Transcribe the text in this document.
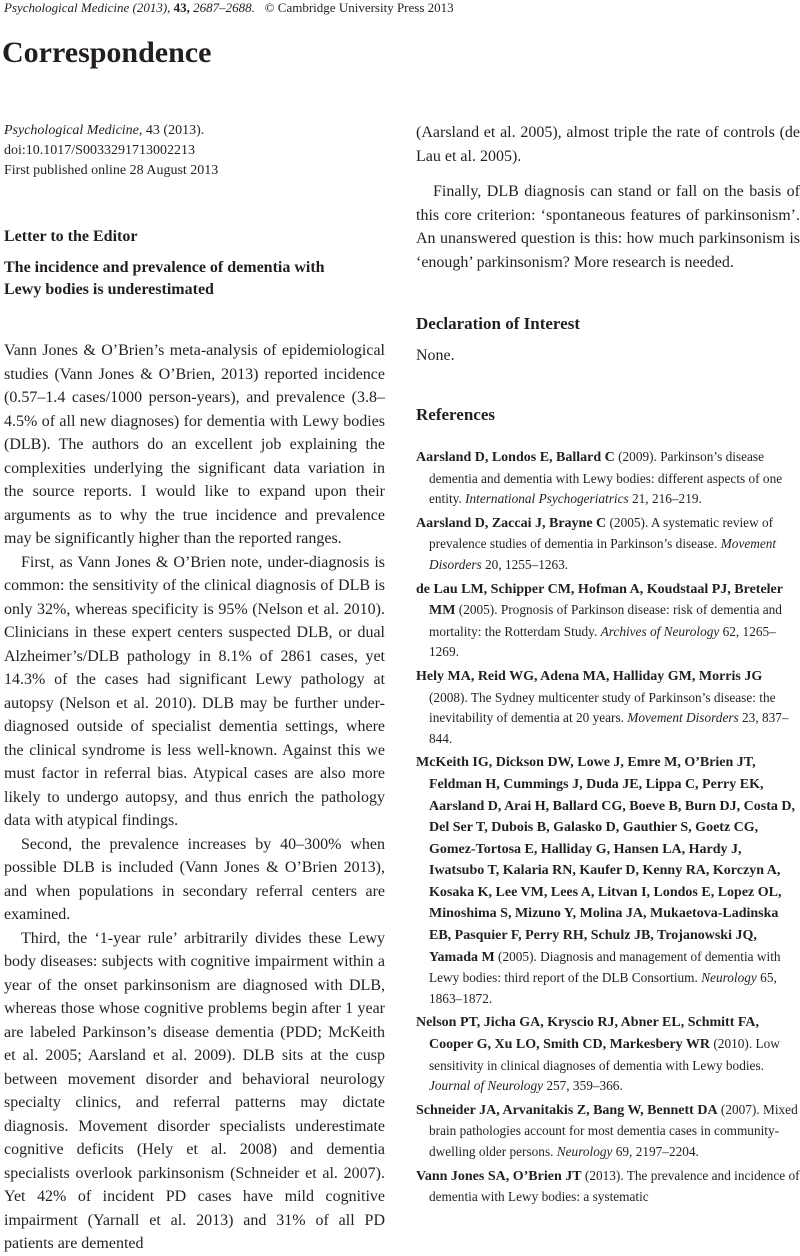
Psychological Medicine (2013), 43, 2687–2688. © Cambridge University Press 2013
Correspondence
Psychological Medicine, 43 (2013).
doi:10.1017/S0033291713002213
First published online 28 August 2013
Letter to the Editor
The incidence and prevalence of dementia with
Lewy bodies is underestimated

Vann Jones & O’Brien’s meta-analysis of epidemiological studies (Vann Jones & O’Brien, 2013) reported incidence (0.57–1.4 cases/1000 person-years), and prevalence (3.8–4.5% of all new diagnoses) for dementia with Lewy bodies (DLB). The authors do an excellent job explaining the complexities underlying the significant data variation in the source reports. I would like to expand upon their arguments as to why the true incidence and prevalence may be significantly higher than the reported ranges.

First, as Vann Jones & O’Brien note, under-diagnosis is common: the sensitivity of the clinical diagnosis of DLB is only 32%, whereas specificity is 95% (Nelson et al. 2010). Clinicians in these expert centers suspected DLB, or dual Alzheimer’s/DLB pathology in 8.1% of 2861 cases, yet 14.3% of the cases had significant Lewy pathology at autopsy (Nelson et al. 2010). DLB may be further under-diagnosed outside of specialist dementia settings, where the clinical syndrome is less well-known. Against this we must factor in referral bias. Atypical cases are also more likely to undergo autopsy, and thus enrich the pathology data with atypical findings.

Second, the prevalence increases by 40–300% when possible DLB is included (Vann Jones & O’Brien 2013), and when populations in secondary referral centers are examined.

Third, the ‘1-year rule’ arbitrarily divides these Lewy body diseases: subjects with cognitive impairment within a year of the onset parkinsonism are diagnosed with DLB, whereas those whose cognitive problems begin after 1 year are labeled Parkinson’s disease dementia (PDD; McKeith et al. 2005; Aarsland et al. 2009). DLB sits at the cusp between movement disorder and behavioral neurology specialty clinics, and referral patterns may dictate diagnosis. Movement disorder specialists underestimate cognitive deficits (Hely et al. 2008) and dementia specialists overlook parkinsonism (Schneider et al. 2007). Yet 42% of incident PD cases have mild cognitive impairment (Yarnall et al. 2013) and 31% of all PD patients are demented

(Aarsland et al. 2005), almost triple the rate of controls (de Lau et al. 2005).

Finally, DLB diagnosis can stand or fall on the basis of this core criterion: ‘spontaneous features of parkinsonism’. An unanswered question is this: how much parkinsonism is ‘enough’ parkinsonism? More research is needed.

Declaration of Interest
None.
References
Aarsland D, Londos E, Ballard C (2009). Parkinson’s disease dementia and dementia with Lewy bodies: different aspects of one entity. International Psychogeriatrics 21, 216–219.
Aarsland D, Zaccai J, Brayne C (2005). A systematic review of prevalence studies of dementia in Parkinson’s disease. Movement Disorders 20, 1255–1263.
de Lau LM, Schipper CM, Hofman A, Koudstaal PJ, Breteler MM (2005). Prognosis of Parkinson disease: risk of dementia and mortality: the Rotterdam Study. Archives of Neurology 62, 1265–1269.
Hely MA, Reid WG, Adena MA, Halliday GM, Morris JG (2008). The Sydney multicenter study of Parkinson’s disease: the inevitability of dementia at 20 years. Movement Disorders 23, 837–844.
McKeith IG, Dickson DW, Lowe J, Emre M, O’Brien JT, Feldman H, Cummings J, Duda JE, Lippa C, Perry EK, Aarsland D, Arai H, Ballard CG, Boeve B, Burn DJ, Costa D, Del Ser T, Dubois B, Galasko D, Gauthier S, Goetz CG, Gomez-Tortosa E, Halliday G, Hansen LA, Hardy J, Iwatsubo T, Kalaria RN, Kaufer D, Kenny RA, Korczyn A, Kosaka K, Lee VM, Lees A, Litvan I, Londos E, Lopez OL, Minoshima S, Mizuno Y, Molina JA, Mukaetova-Ladinska EB, Pasquier F, Perry RH, Schulz JB, Trojanowski JQ, Yamada M (2005). Diagnosis and management of dementia with Lewy bodies: third report of the DLB Consortium. Neurology 65, 1863–1872.
Nelson PT, Jicha GA, Kryscio RJ, Abner EL, Schmitt FA, Cooper G, Xu LO, Smith CD, Markesbery WR (2010). Low sensitivity in clinical diagnoses of dementia with Lewy bodies. Journal of Neurology 257, 359–366.
Schneider JA, Arvanitakis Z, Bang W, Bennett DA (2007). Mixed brain pathologies account for most dementia cases in community-dwelling older persons. Neurology 69, 2197–2204.
Vann Jones SA, O’Brien JT (2013). The prevalence and incidence of dementia with Lewy bodies: a systematic
